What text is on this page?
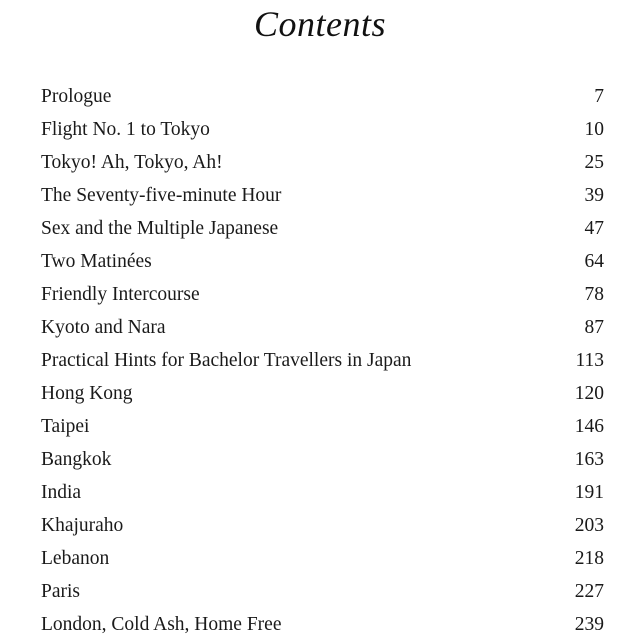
Contents
Prologue	7
Flight No. 1 to Tokyo	10
Tokyo! Ah, Tokyo, Ah!	25
The Seventy-five-minute Hour	39
Sex and the Multiple Japanese	47
Two Matinées	64
Friendly Intercourse	78
Kyoto and Nara	87
Practical Hints for Bachelor Travellers in Japan	113
Hong Kong	120
Taipei	146
Bangkok	163
India	191
Khajuraho	203
Lebanon	218
Paris	227
London, Cold Ash, Home Free	239
